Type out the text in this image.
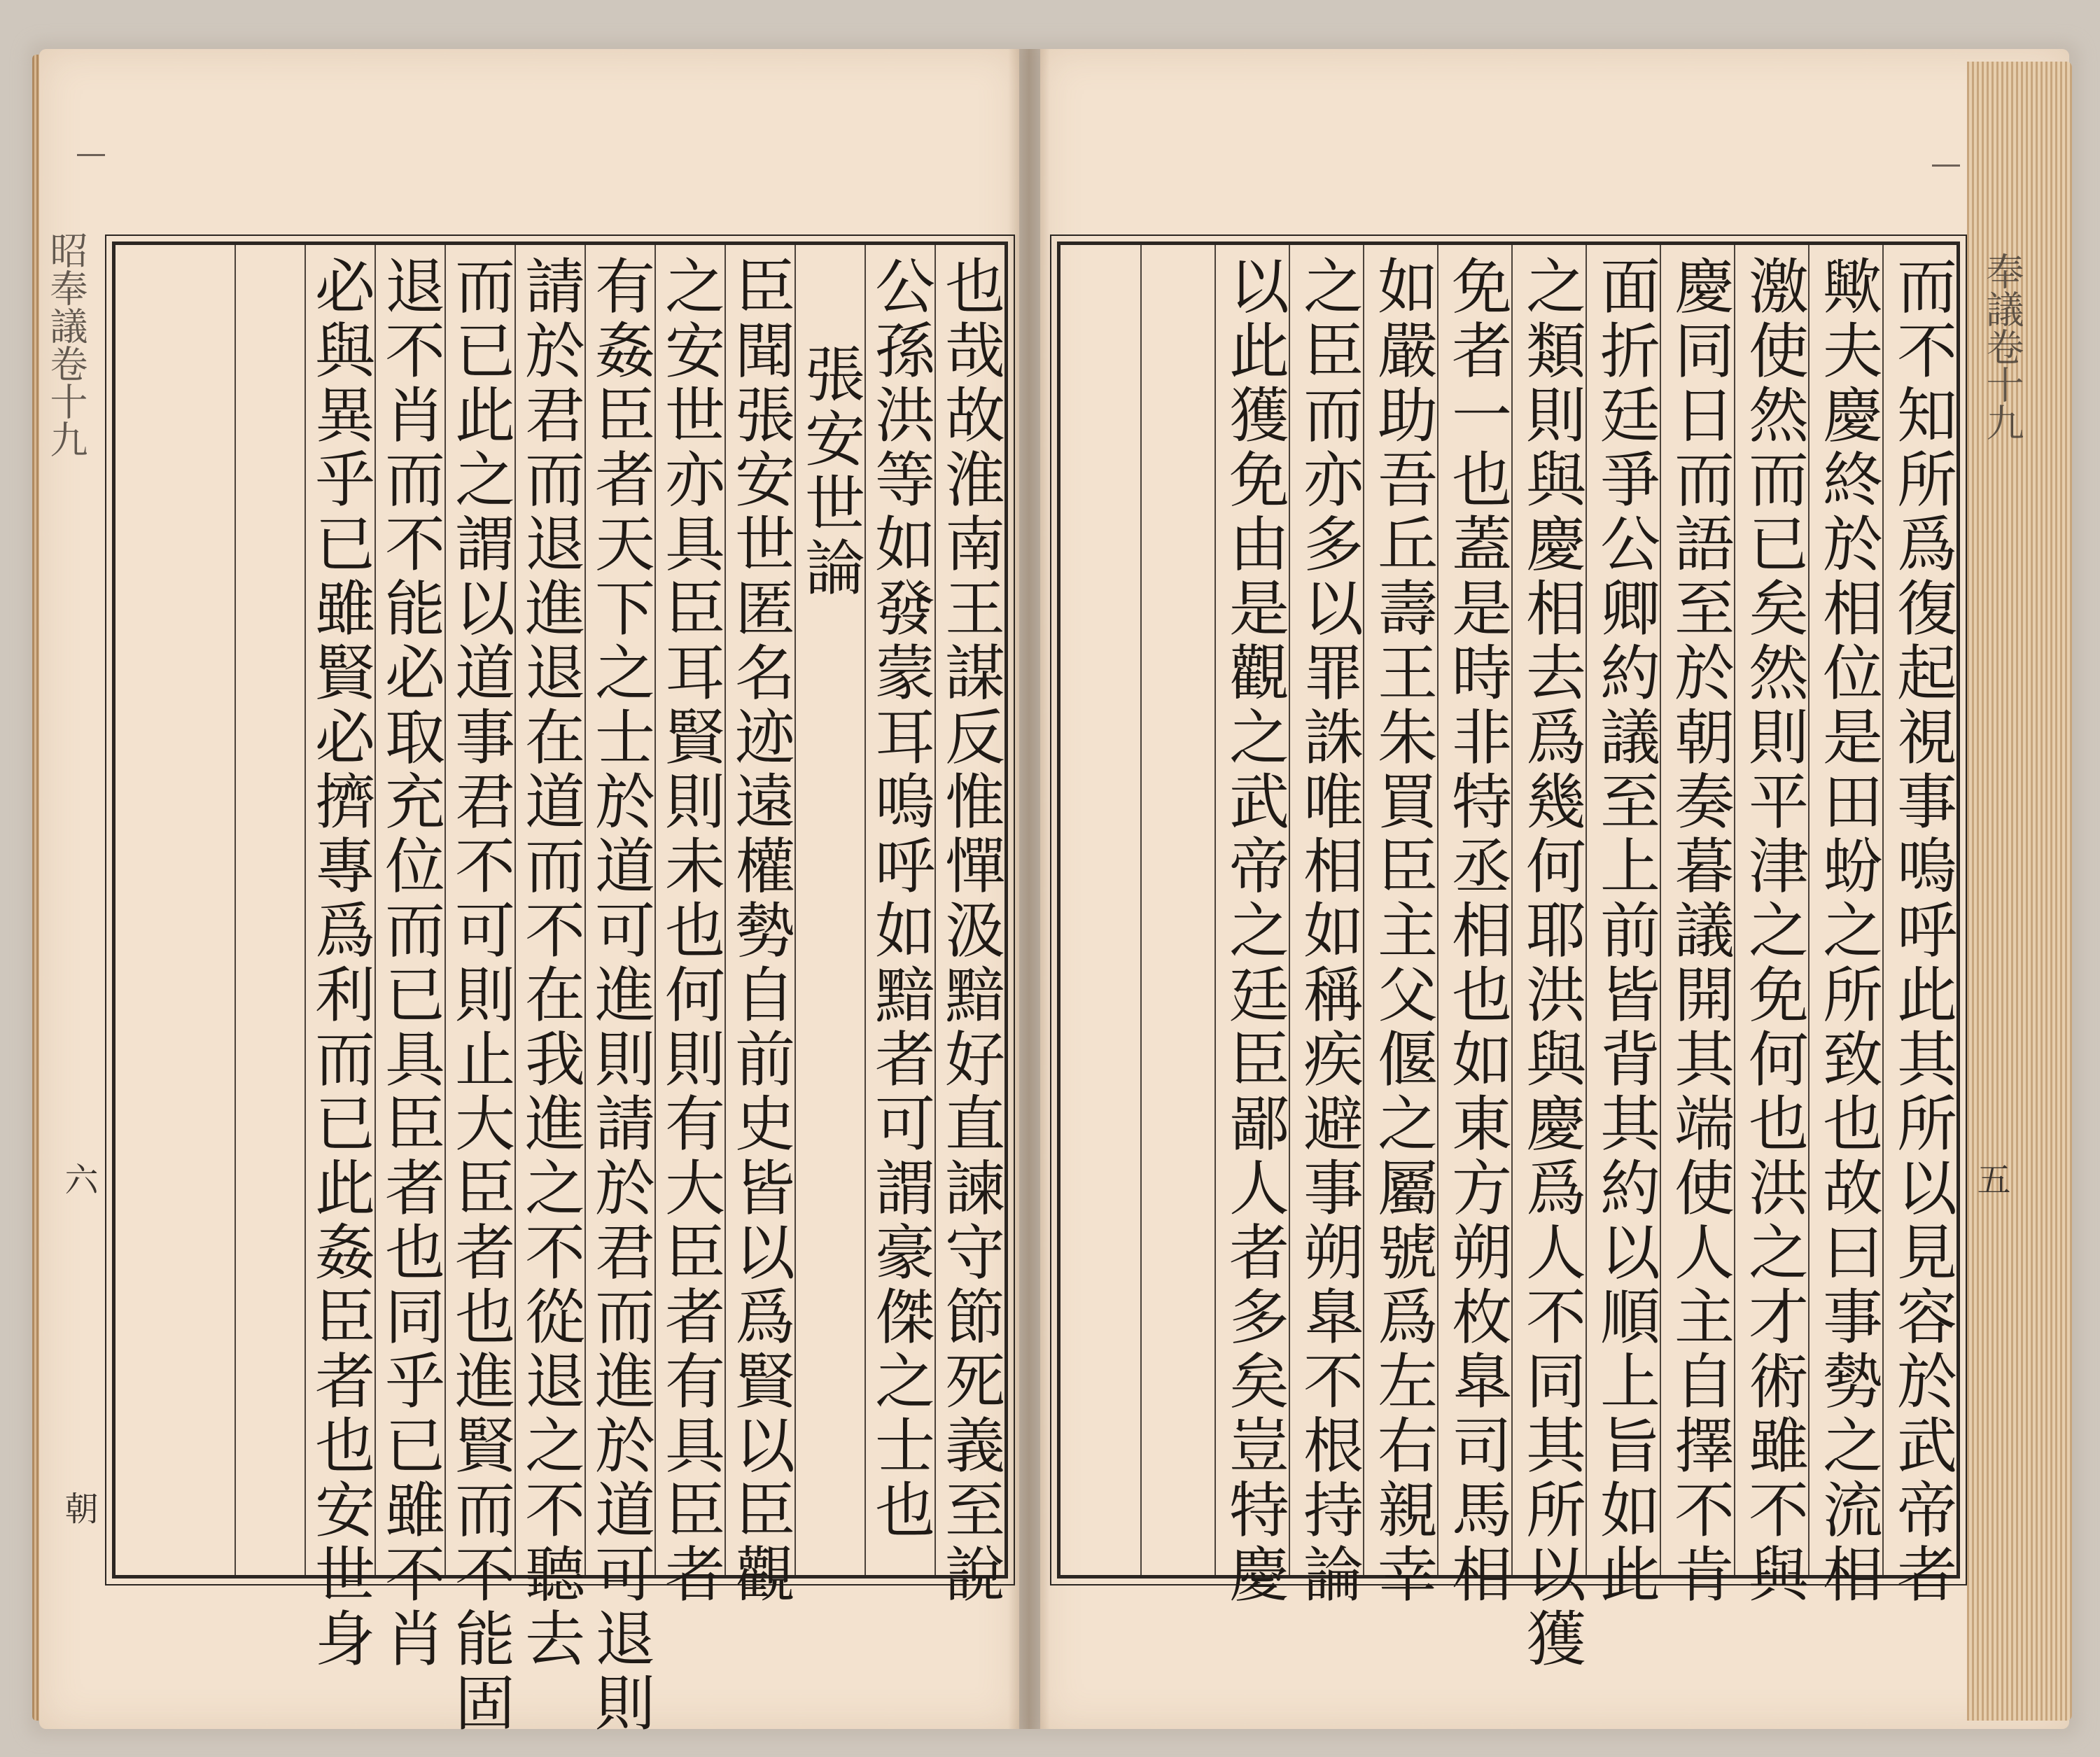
昭奉議卷十九
六
朝	也哉故淮南王謀反惟憚汲黯好直諫守節死義至說
公孫洪等如發蒙耳嗚呼如黯者可謂豪傑之士也
張安世論
臣聞張安世匿名迹遠權勢自前史皆以爲賢以臣觀
之安世亦具臣耳賢則未也何則有大臣者有具臣者
有姦臣者天下之士於道可進則請於君而進於道可退則
請於君而退進退在道而不在我進之不從退之不聽去
而已此之謂以道事君不可則止大臣者也進賢而不能固
退不肖而不能必取充位而已具臣者也同乎已雖不肖
必與異乎已雖賢必擠專爲利而已此姦臣者也安世身	而不知所爲復起視事嗚呼此其所以見容於武帝者
歟夫慶終於相位是田蚡之所致也故曰事勢之流相
激使然而已矣然則平津之免何也洪之才術雖不與
慶同日而語至於朝奏暮議開其端使人主自擇不肯
面折廷爭公卿約議至上前皆背其約以順上旨如此
之類則與慶相去爲幾何耶洪與慶爲人不同其所以獲
免者一也蓋是時非特丞相也如東方朔枚臯司馬相
如嚴助吾丘壽王朱買臣主父偃之屬號爲左右親幸
之臣而亦多以罪誅唯相如稱疾避事朔臯不根持論
以此獲免由是觀之武帝之廷臣鄙人者多矣豈特慶	奉議卷十九
五
